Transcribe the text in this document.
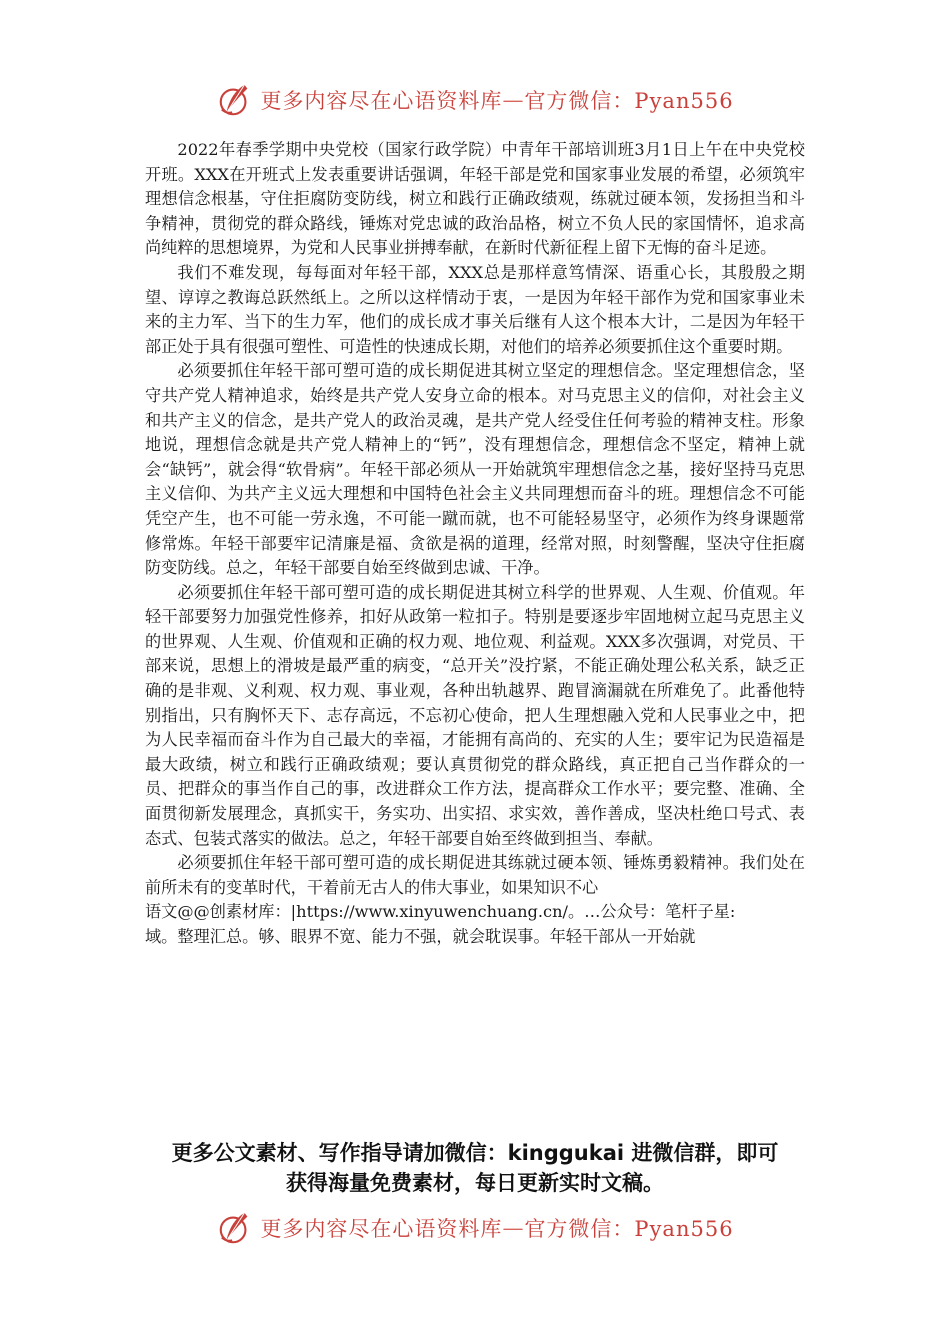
更多内容尽在心语资料库 — 官方微信：Pyan556

2022年春季学期中央党校（国家行政学院）中青年干部培训班3月1日上午在中央党校开班。XXX在开班式上发表重要讲话强调，年轻干部是党和国家事业发展的希望，必须筑牢理想信念根基，守住拒腐防变防线，树立和践行正确政绩观，练就过硬本领，发扬担当和斗争精神，贯彻党的群众路线，锤炼对党忠诚的政治品格，树立不负人民的家国情怀，追求高尚纯粹的思想境界，为党和人民事业拼搏奉献，在新时代新征程上留下无悔的奋斗足迹。

我们不难发现，每每面对年轻干部，XXX总是那样意笃情深、语重心长，其殷殷之期望、谆谆之教诲总跃然纸上。之所以这样情动于衷，一是因为年轻干部作为党和国家事业未来的主力军、当下的生力军，他们的成长成才事关后继有人这个根本大计，二是因为年轻干部正处于具有很强可塑性、可造性的快速成长期，对他们的培养必须要抓住这个重要时期。

必须要抓住年轻干部可塑可造的成长期促进其树立坚定的理想信念。坚定理想信念，坚守共产党人精神追求，始终是共产党人安身立命的根本。对马克思主义的信仰，对社会主义和共产主义的信念，是共产党人的政治灵魂，是共产党人经受住任何考验的精神支柱。形象地说，理想信念就是共产党人精神上的“钙”，没有理想信念，理想信念不坚定，精神上就会“缺钙”，就会得“软骨病”。年轻干部必须从一开始就筑牢理想信念之基，接好坚持马克思主义信仰、为共产主义远大理想和中国特色社会主义共同理想而奋斗的班。理想信念不可能凭空产生，也不可能一劳永逸，不可能一蹴而就，也不可能轻易坚守，必须作为终身课题常修常炼。年轻干部要牢记清廉是福、贪欲是祸的道理，经常对照，时刻警醒，坚决守住拒腐防变防线。总之，年轻干部要自始至终做到忠诚、干净。

必须要抓住年轻干部可塑可造的成长期促进其树立科学的世界观、人生观、价值观。年轻干部要努力加强党性修养，扣好从政第一粒扣子。特别是要逐步牢固地树立起马克思主义的世界观、人生观、价值观和正确的权力观、地位观、利益观。XXX多次强调，对党员、干部来说，思想上的滑坡是最严重的病变，“总开关”没拧紧，不能正确处理公私关系，缺乏正确的是非观、义利观、权力观、事业观，各种出轨越界、跑冒滴漏就在所难免了。此番他特别指出，只有胸怀天下、志存高远，不忘初心使命，把人生理想融入党和人民事业之中，把为人民幸福而奋斗作为自己最大的幸福，才能拥有高尚的、充实的人生；要牢记为民造福是最大政绩，树立和践行正确政绩观；要认真贯彻党的群众路线，真正把自己当作群众的一员、把群众的事当作自己的事，改进群众工作方法，提高群众工作水平；要完整、准确、全面贯彻新发展理念，真抓实干，务实功、出实招、求实效，善作善成，坚决杜绝口号式、表态式、包装式落实的做法。总之，年轻干部要自始至终做到担当、奉献。

必须要抓住年轻干部可塑可造的成长期促进其练就过硬本领、锤炼勇毅精神。我们处在前所未有的变革时代，干着前无古人的伟大事业，如果知识不心

语文@@创素材库：|https://www.xinyuwenchuang.cn/。…公众号：笔杆子星:

域。整理汇总。够、眼界不宽、能力不强，就会耽误事。年轻干部从一开始就

更多公文素材、写作指导请加微信：kinggukai 进微信群，即可
获得海量免费素材，每日更新实时文稿。
更多内容尽在心语资料库 — 官方微信：Pyan556
